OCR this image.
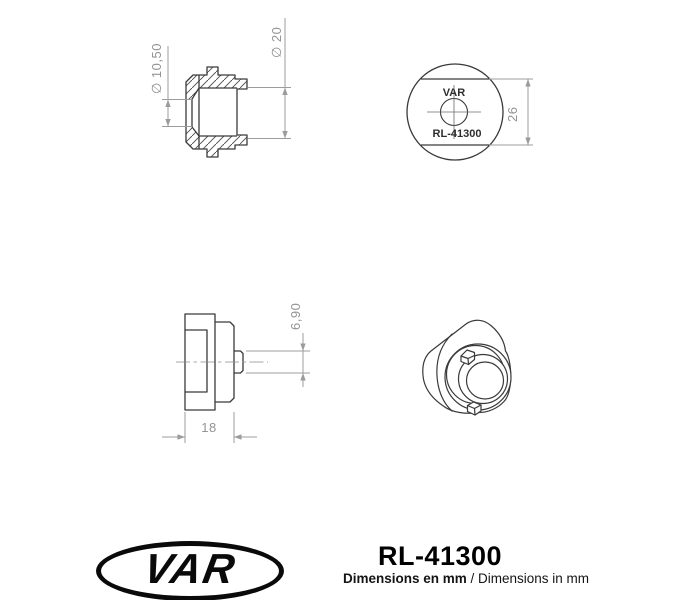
∅ 10,50
∅ 20
VAR
RL-41300
26
6,90
18
VAR	RL-41300
Dimensions en mm / Dimensions in mm
